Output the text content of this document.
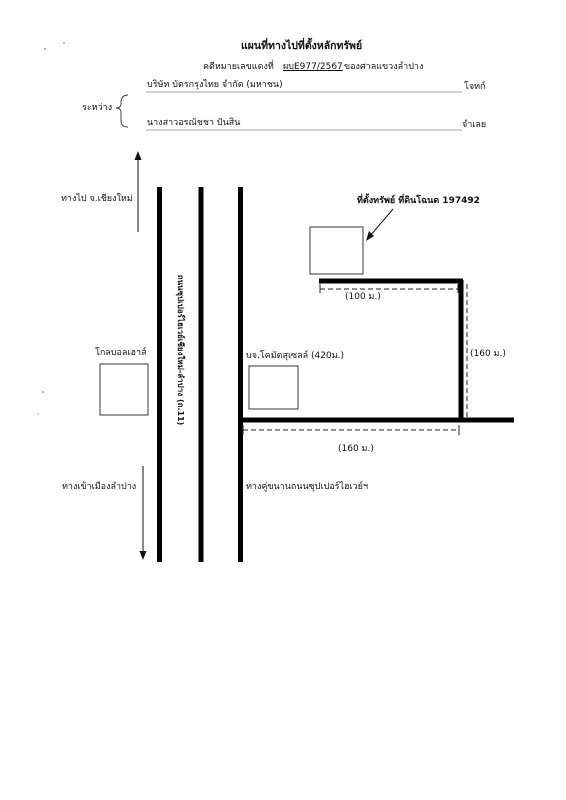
แผนที่ทางไปที่ตั้งหลักทรัพย์
คดีหมายเลขแดงที่ ผบE977/2567 ของศาลแขวงลำปาง
ระหว่าง
บริษัท บัตรกรุงไทย จำกัด (มหาชน)	โจทก์
นางสาวอรณัชชา ปันสิน	จำเลย
ทางไป จ.เชียงใหม่
ทางเข้าเมืองลำปาง
ถนนซุปเปอร์ไฮเวย์เชียงใหม่-ลำปาง (ถ.11)
โกลบอลเฮาส์	บจ.โคมัตสุเซลล์ (420ม.)
ทางคู่ขนานถนนซุปเปอร์ไฮเวย์ฯ
ที่ตั้งทรัพย์ ที่ดินโฉนด 197492
(100 ม.)
(160 ม.)
(160 ม.)
